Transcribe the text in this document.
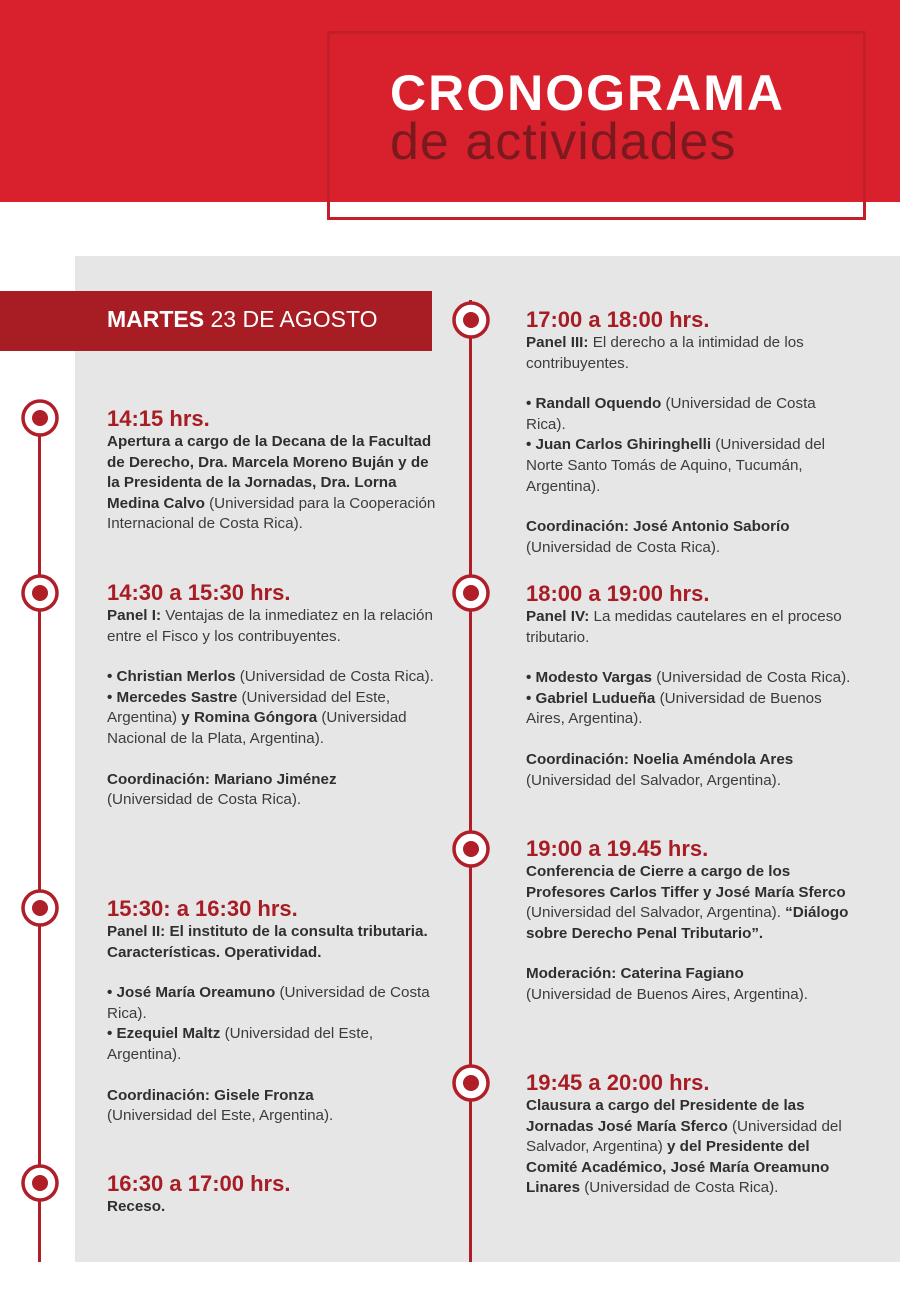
CRONOGRAMA
de actividades
MARTES 23 DE AGOSTO
14:15 hrs.
Apertura a cargo de la Decana de la Facultad de Derecho, Dra. Marcela Moreno Buján y de la Presidenta de la Jornadas, Dra. Lorna Medina Calvo (Universidad para la Cooperación Internacional de Costa Rica).
14:30 a 15:30 hrs.
Panel I: Ventajas de la inmediatez en la relación entre el Fisco y los contribuyentes.
• Christian Merlos (Universidad de Costa Rica).
• Mercedes Sastre (Universidad del Este, Argentina) y Romina Góngora (Universidad Nacional de la Plata, Argentina).
Coordinación: Mariano Jiménez
(Universidad de Costa Rica).
15:30: a 16:30 hrs.
Panel II: El instituto de la consulta tributaria. Características. Operatividad.
• José María Oreamuno (Universidad de Costa Rica).
• Ezequiel Maltz (Universidad del Este, Argentina).
Coordinación: Gisele Fronza
(Universidad del Este, Argentina).
16:30 a 17:00 hrs.
Receso.
17:00 a 18:00 hrs.
Panel III: El derecho a la intimidad de los contribuyentes.
• Randall Oquendo (Universidad de Costa Rica).
• Juan Carlos Ghiringhelli (Universidad del Norte Santo Tomás de Aquino, Tucumán, Argentina).
Coordinación: José Antonio Saborío
(Universidad de Costa Rica).
18:00 a 19:00 hrs.
Panel IV: La medidas cautelares en el proceso tributario.
• Modesto Vargas (Universidad de Costa Rica).
• Gabriel Ludueña (Universidad de Buenos Aires, Argentina).
Coordinación: Noelia Améndola Ares
(Universidad del Salvador, Argentina).
19:00 a 19.45 hrs.
Conferencia de Cierre a cargo de los Profesores Carlos Tiffer y José María Sferco (Universidad del Salvador, Argentina). “Diálogo sobre Derecho Penal Tributario”.
Moderación: Caterina Fagiano
(Universidad de Buenos Aires, Argentina).
19:45 a 20:00 hrs.
Clausura a cargo del Presidente de las Jornadas José María Sferco (Universidad del Salvador, Argentina) y del Presidente del Comité Académico, José María Oreamuno Linares (Universidad de Costa Rica).
